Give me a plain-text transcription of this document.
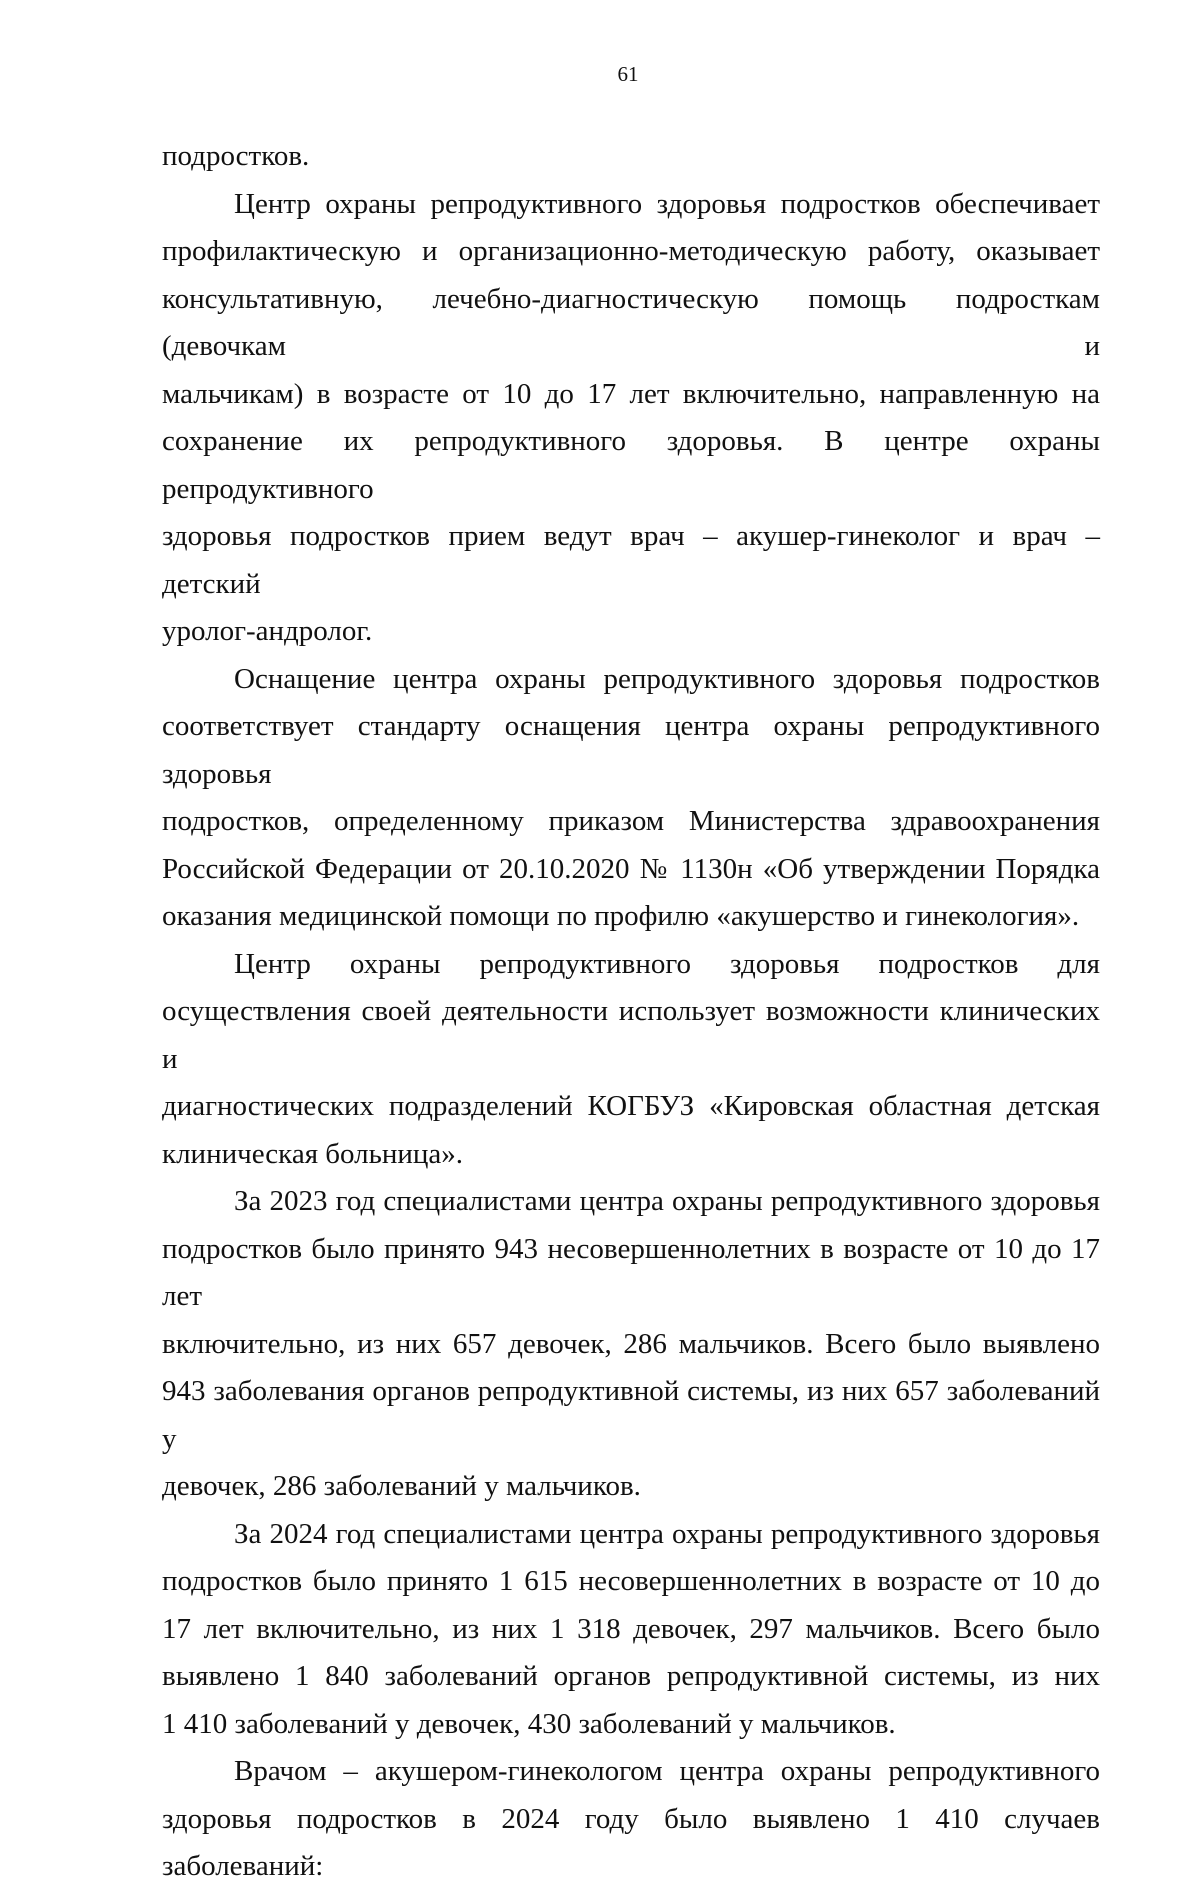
61

подростков.

Центр охраны репродуктивного здоровья подростков обеспечивает
профилактическую и организационно-методическую работу, оказывает
консультативную, лечебно-диагностическую помощь подросткам (девочкам и
мальчикам) в возрасте от 10 до 17 лет включительно, направленную на
сохранение их репродуктивного здоровья. В центре охраны репродуктивного
здоровья подростков прием ведут врач – акушер-гинеколог и врач – детский
уролог-андролог.

Оснащение центра охраны репродуктивного здоровья подростков
соответствует стандарту оснащения центра охраны репродуктивного здоровья
подростков, определенному приказом Министерства здравоохранения
Российской Федерации от 20.10.2020 № 1130н «Об утверждении Порядка
оказания медицинской помощи по профилю «акушерство и гинекология».

Центр охраны репродуктивного здоровья подростков для
осуществления своей деятельности использует возможности клинических и
диагностических подразделений КОГБУЗ «Кировская областная детская
клиническая больница».

За 2023 год специалистами центра охраны репродуктивного здоровья
подростков было принято 943 несовершеннолетних в возрасте от 10 до 17 лет
включительно, из них 657 девочек, 286 мальчиков. Всего было выявлено
943 заболевания органов репродуктивной системы, из них 657 заболеваний у
девочек, 286 заболеваний у мальчиков.

За 2024 год специалистами центра охраны репродуктивного здоровья
подростков было принято 1 615 несовершеннолетних в возрасте от 10 до
17 лет включительно, из них 1 318 девочек, 297 мальчиков. Всего было
выявлено 1 840 заболеваний органов репродуктивной системы, из них
1 410 заболеваний у девочек, 430 заболеваний у мальчиков.

Врачом – акушером-гинекологом центра охраны репродуктивного
здоровья подростков в 2024 году было выявлено 1 410 случаев заболеваний:
